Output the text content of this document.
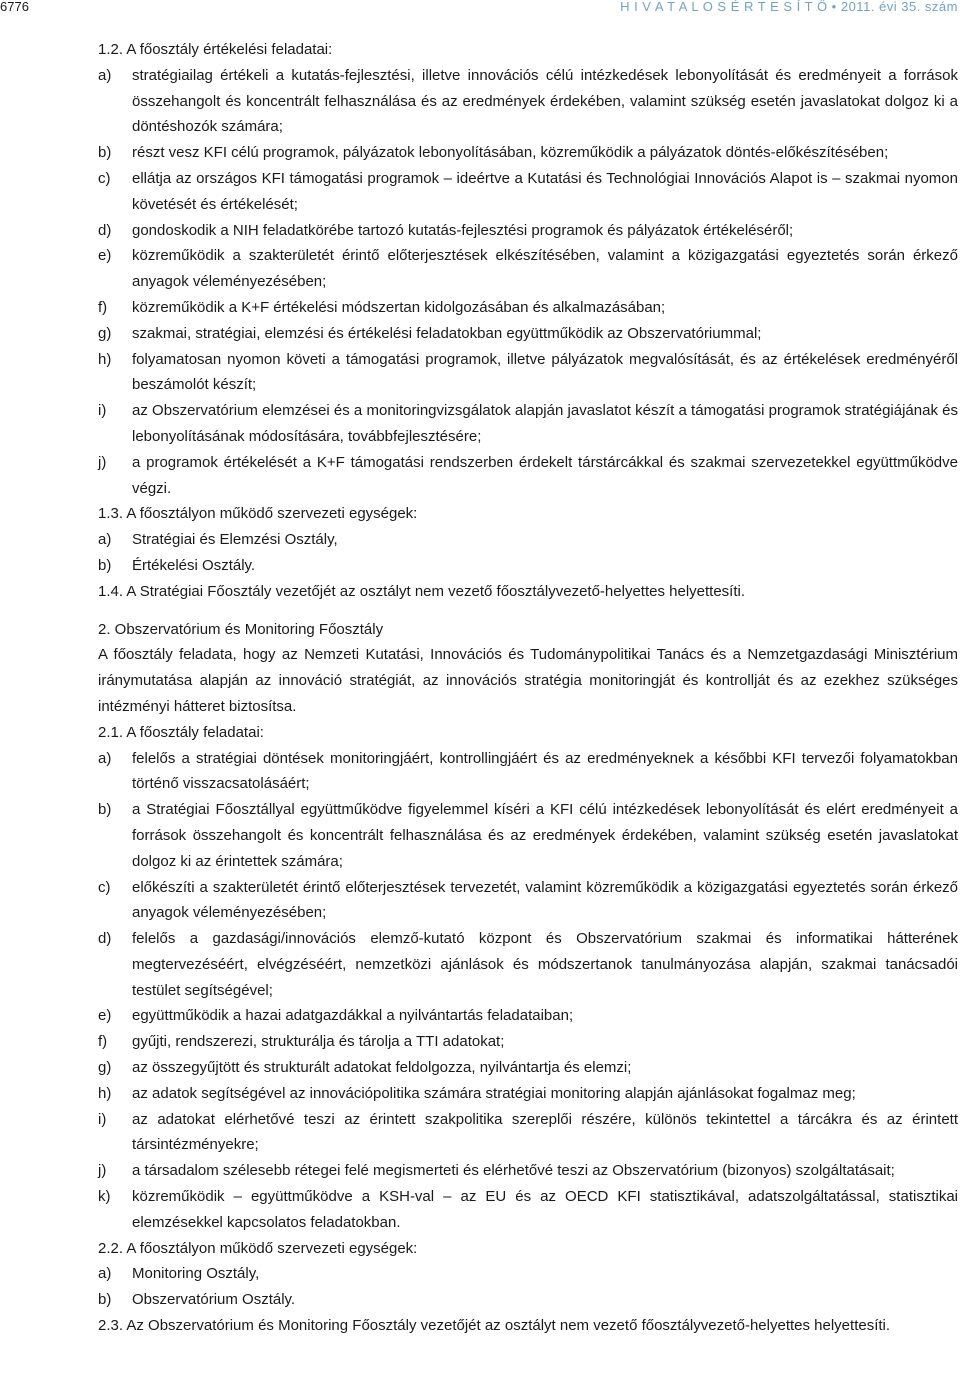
6776	H I V A T A L O S É R T E S Í T Ő • 2011. évi 35. szám
1.2. A főosztály értékelési feladatai:
a) stratégiailag értékeli a kutatás-fejlesztési, illetve innovációs célú intézkedések lebonyolítását és eredményeit a források összehangolt és koncentrált felhasználása és az eredmények érdekében, valamint szükség esetén javaslatokat dolgoz ki a döntéshozók számára;
b) részt vesz KFI célú programok, pályázatok lebonyolításában, közreműködik a pályázatok döntés-előkészítésében;
c) ellátja az országos KFI támogatási programok – ideértve a Kutatási és Technológiai Innovációs Alapot is – szakmai nyomon követését és értékelését;
d) gondoskodik a NIH feladatkörébe tartozó kutatás-fejlesztési programok és pályázatok értékeléséről;
e) közreműködik a szakterületét érintő előterjesztések elkészítésében, valamint a közigazgatási egyeztetés során érkező anyagok véleményezésében;
f) közreműködik a K+F értékelési módszertan kidolgozásában és alkalmazásában;
g) szakmai, stratégiai, elemzési és értékelési feladatokban együttműködik az Obszervatóriummal;
h) folyamatosan nyomon követi a támogatási programok, illetve pályázatok megvalósítását, és az értékelések eredményéről beszámolót készít;
i) az Obszervatórium elemzései és a monitoringvizsgálatok alapján javaslatot készít a támogatási programok stratégiájának és lebonyolításának módosítására, továbbfejlesztésére;
j) a programok értékelését a K+F támogatási rendszerben érdekelt társtárcákkal és szakmai szervezetekkel együttműködve végzi.
1.3. A főosztályon működő szervezeti egységek:
a) Stratégiai és Elemzési Osztály,
b) Értékelési Osztály.
1.4. A Stratégiai Főosztály vezetőjét az osztályt nem vezető főosztályvezető-helyettes helyettesíti.
2. Obszervatórium és Monitoring Főosztály
A főosztály feladata, hogy az Nemzeti Kutatási, Innovációs és Tudománypolitikai Tanács és a Nemzetgazdasági Minisztérium iránymutatása alapján az innováció stratégiát, az innovációs stratégia monitoringját és kontrollját és az ezekhez szükséges intézményi hátteret biztosítsa.
2.1. A főosztály feladatai:
a) felelős a stratégiai döntések monitoringjáért, kontrollingjáért és az eredményeknek a későbbi KFI tervezői folyamatokban történő visszacsatolásáért;
b) a Stratégiai Főosztállyal együttműködve figyelemmel kíséri a KFI célú intézkedések lebonyolítását és elért eredményeit a források összehangolt és koncentrált felhasználása és az eredmények érdekében, valamint szükség esetén javaslatokat dolgoz ki az érintettek számára;
c) előkészíti a szakterületét érintő előterjesztések tervezetét, valamint közreműködik a közigazgatási egyeztetés során érkező anyagok véleményezésében;
d) felelős a gazdasági/innovációs elemző-kutató központ és Obszervatórium szakmai és informatikai hátterének megtervezéséért, elvégzéséért, nemzetközi ajánlások és módszertanok tanulmányozása alapján, szakmai tanácsadói testület segítségével;
e) együttműködik a hazai adatgazdákkal a nyilvántartás feladataiban;
f) gyűjti, rendszerezi, strukturálja és tárolja a TTI adatokat;
g) az összegyűjtött és strukturált adatokat feldolgozza, nyilvántartja és elemzi;
h) az adatok segítségével az innovációpolitika számára stratégiai monitoring alapján ajánlásokat fogalmaz meg;
i) az adatokat elérhetővé teszi az érintett szakpolitika szereplői részére, különös tekintettel a tárcákra és az érintett társintézményekre;
j) a társadalom szélesebb rétegei felé megismerteti és elérhetővé teszi az Obszervatórium (bizonyos) szolgáltatásait;
k) közreműködik – együttműködve a KSH-val – az EU és az OECD KFI statisztikával, adatszolgáltatással, statisztikai elemzésekkel kapcsolatos feladatokban.
2.2. A főosztályon működő szervezeti egységek:
a) Monitoring Osztály,
b) Obszervatórium Osztály.
2.3. Az Obszervatórium és Monitoring Főosztály vezetőjét az osztályt nem vezető főosztályvezető-helyettes helyettesíti.
